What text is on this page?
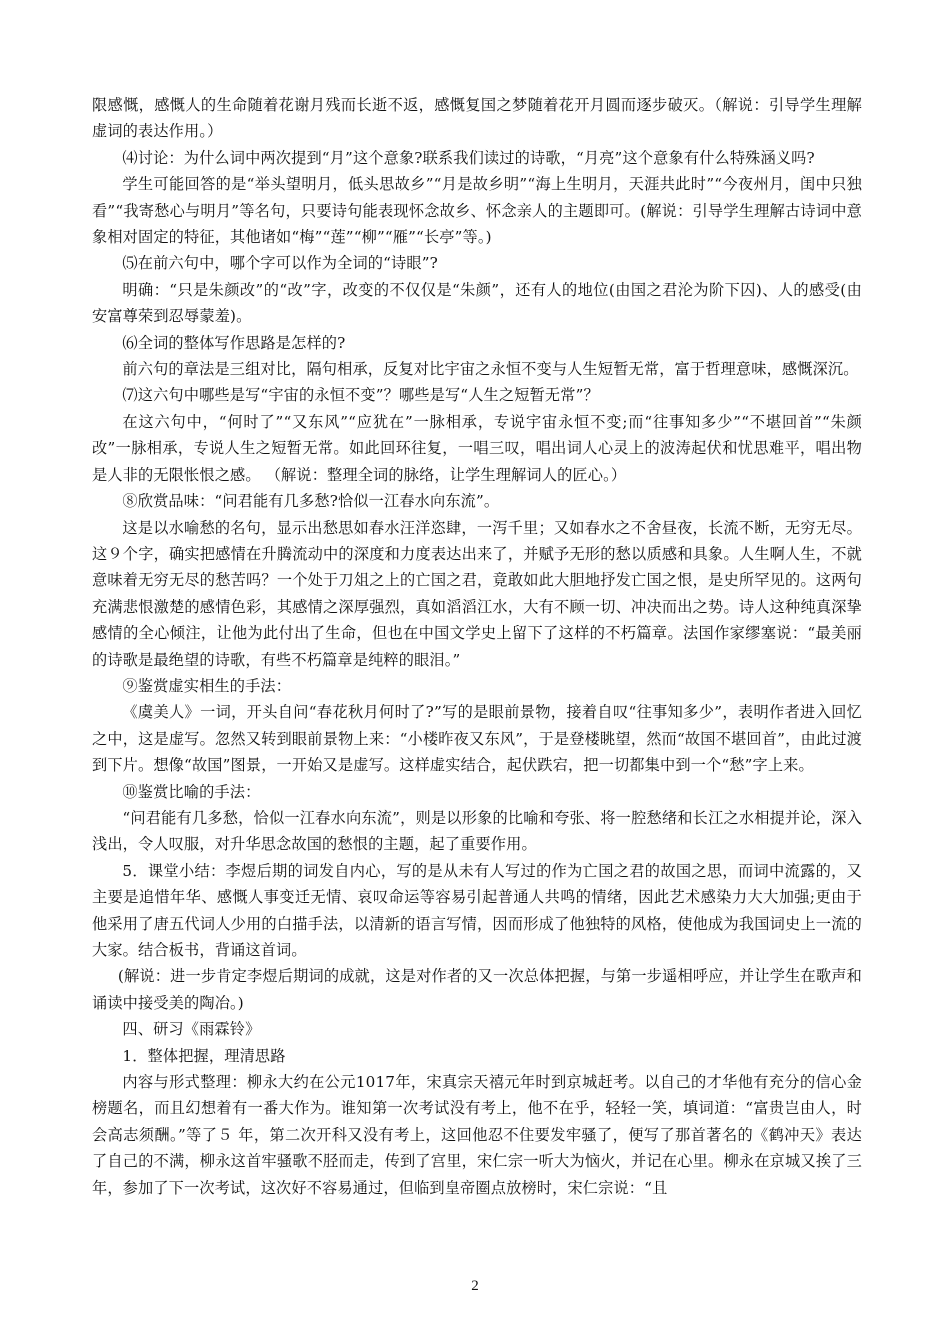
限感慨，感慨人的生命随着花谢月残而长逝不返，感慨复国之梦随着花开月圆而逐步破灭。（解说：引导学生理解虚词的表达作用。）

⑷讨论：为什么词中两次提到“月”这个意象?联系我们读过的诗歌，“月亮”这个意象有什么特殊涵义吗?

学生可能回答的是“举头望明月，低头思故乡”“月是故乡明”“海上生明月，天涯共此时”“今夜州月，闺中只独看”“我寄愁心与明月”等名句，只要诗句能表现怀念故乡、怀念亲人的主题即可。(解说：引导学生理解古诗词中意象相对固定的特征，其他诸如“梅”“莲”“柳”“雁”“长亭”等。)

⑸在前六句中，哪个字可以作为全词的“诗眼”?

明确：“只是朱颜改”的“改”字，改变的不仅仅是“朱颜”，还有人的地位(由国之君沦为阶下囚)、人的感受(由安富尊荣到忍辱蒙羞)。

⑹全词的整体写作思路是怎样的?

前六句的章法是三组对比，隔句相承，反复对比宇宙之永恒不变与人生短暂无常，富于哲理意味，感慨深沉。

⑺这六句中哪些是写“宇宙的永恒不变”？哪些是写“人生之短暂无常”？

在这六句中，“何时了”“又东风”“应犹在”一脉相承，专说宇宙永恒不变;而“往事知多少”“不堪回首”“朱颜改”一脉相承，专说人生之短暂无常。如此回环往复，一唱三叹，唱出词人心灵上的波涛起伏和忧思难平，唱出物是人非的无限怅恨之感。 （解说：整理全词的脉络，让学生理解词人的匠心。）

⑧欣赏品味：“问君能有几多愁?恰似一江春水向东流”。

这是以水喻愁的名句，显示出愁思如春水汪洋恣肆，一泻千里；又如春水之不舍昼夜，长流不断，无穷无尽。这９个字，确实把感情在升腾流动中的深度和力度表达出来了，并赋予无形的愁以质感和具象。人生啊人生，不就意味着无穷无尽的愁苦吗？一个处于刀俎之上的亡国之君，竟敢如此大胆地抒发亡国之恨，是史所罕见的。这两句充满悲恨激楚的感情色彩，其感情之深厚强烈，真如滔滔江水，大有不顾一切、冲决而出之势。诗人这种纯真深挚感情的全心倾注，让他为此付出了生命，但也在中国文学史上留下了这样的不朽篇章。法国作家缪塞说：“最美丽的诗歌是最绝望的诗歌，有些不朽篇章是纯粹的眼泪。”

⑨鉴赏虚实相生的手法：

《虞美人》一词，开头自问“春花秋月何时了?”写的是眼前景物，接着自叹“往事知多少”，表明作者进入回忆之中，这是虚写。忽然又转到眼前景物上来：“小楼昨夜又东风”，于是登楼眺望，然而“故国不堪回首”，由此过渡到下片。想像“故国”图景，一开始又是虚写。这样虚实结合，起伏跌宕，把一切都集中到一个“愁”字上来。

⑩鉴赏比喻的手法：

“问君能有几多愁，恰似一江春水向东流”，则是以形象的比喻和夸张、将一腔愁绪和长江之水相提并论，深入浅出，令人叹服，对升华思念故国的愁恨的主题，起了重要作用。

5．课堂小结：李煜后期的词发自内心，写的是从未有人写过的作为亡国之君的故国之思，而词中流露的，又主要是追惜年华、感慨人事变迁无情、哀叹命运等容易引起普通人共鸣的情绪，因此艺术感染力大大加强;更由于他采用了唐五代词人少用的白描手法，以清新的语言写情，因而形成了他独特的风格，使他成为我国词史上一流的大家。结合板书，背诵这首词。

(解说：进一步肯定李煜后期词的成就，这是对作者的又一次总体把握，与第一步遥相呼应，并让学生在歌声和诵读中接受美的陶冶。)

四、研习《雨霖铃》

1．整体把握，理清思路

内容与形式整理：柳永大约在公元1017年，宋真宗天禧元年时到京城赶考。以自己的才华他有充分的信心金榜题名，而且幻想着有一番大作为。谁知第一次考试没有考上，他不在乎，轻轻一笑，填词道：“富贵岂由人，时会高志须酬。”等了５ 年，第二次开科又没有考上，这回他忍不住要发牢骚了，便写了那首著名的《鹤冲天》表达了自己的不满，柳永这首牢骚歌不胫而走，传到了宫里，宋仁宗一听大为恼火，并记在心里。柳永在京城又挨了三年，参加了下一次考试，这次好不容易通过，但临到皇帝圈点放榜时，宋仁宗说：“且

2
